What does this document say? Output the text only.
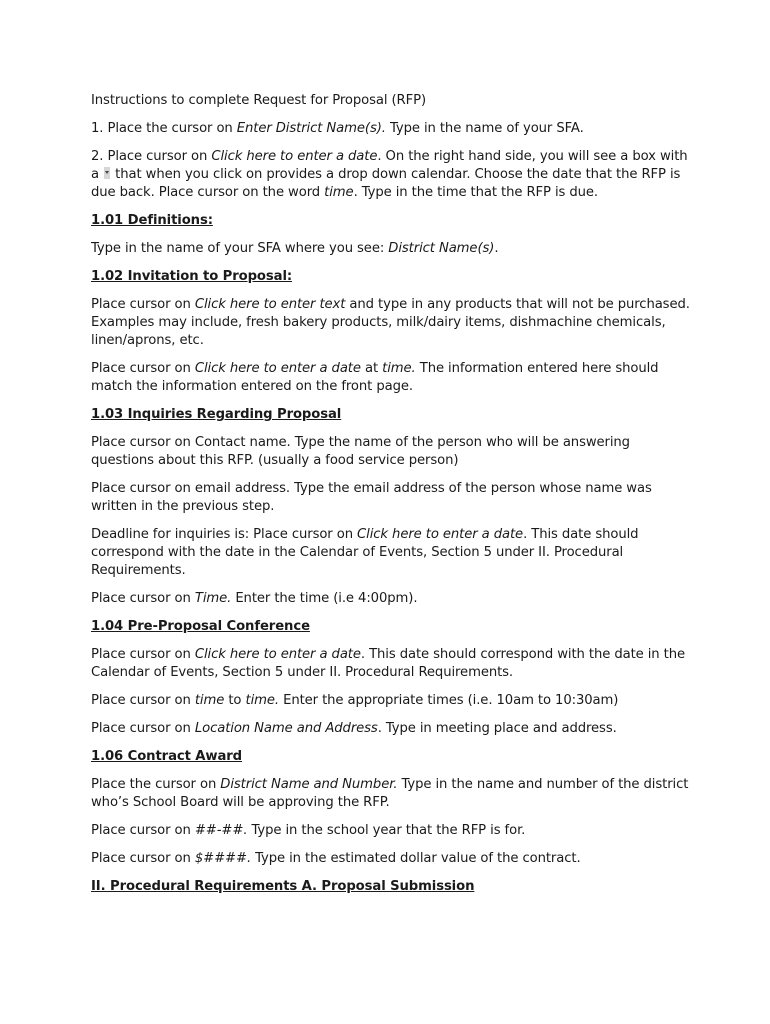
Instructions to complete Request for Proposal (RFP)

1. Place the cursor on Enter District Name(s). Type in the name of your SFA.

2. Place cursor on Click here to enter a date. On the right hand side, you will see a box with a  that when you click on provides a drop down calendar. Choose the date that the RFP is due back. Place cursor on the word time. Type in the time that the RFP is due.

1.01 Definitions:

Type in the name of your SFA where you see: District Name(s).

1.02 Invitation to Proposal:

Place cursor on Click here to enter text and type in any products that will not be purchased. Examples may include, fresh bakery products, milk/dairy items, dishmachine chemicals, linen/aprons, etc.

Place cursor on Click here to enter a date at time. The information entered here should match the information entered on the front page.

1.03 Inquiries Regarding Proposal

Place cursor on Contact name. Type the name of the person who will be answering questions about this RFP. (usually a food service person)

Place cursor on email address. Type the email address of the person whose name was written in the previous step.

Deadline for inquiries is: Place cursor on Click here to enter a date. This date should correspond with the date in the Calendar of Events, Section 5 under II. Procedural Requirements.

Place cursor on Time. Enter the time (i.e 4:00pm).

1.04 Pre-Proposal Conference

Place cursor on Click here to enter a date. This date should correspond with the date in the Calendar of Events, Section 5 under II. Procedural Requirements.

Place cursor on time to time. Enter the appropriate times (i.e. 10am to 10:30am)

Place cursor on Location Name and Address. Type in meeting place and address.

1.06 Contract Award

Place the cursor on District Name and Number. Type in the name and number of the district who’s School Board will be approving the RFP.

Place cursor on ##-##. Type in the school year that the RFP is for.

Place cursor on $####. Type in the estimated dollar value of the contract.

II. Procedural Requirements A. Proposal Submission
